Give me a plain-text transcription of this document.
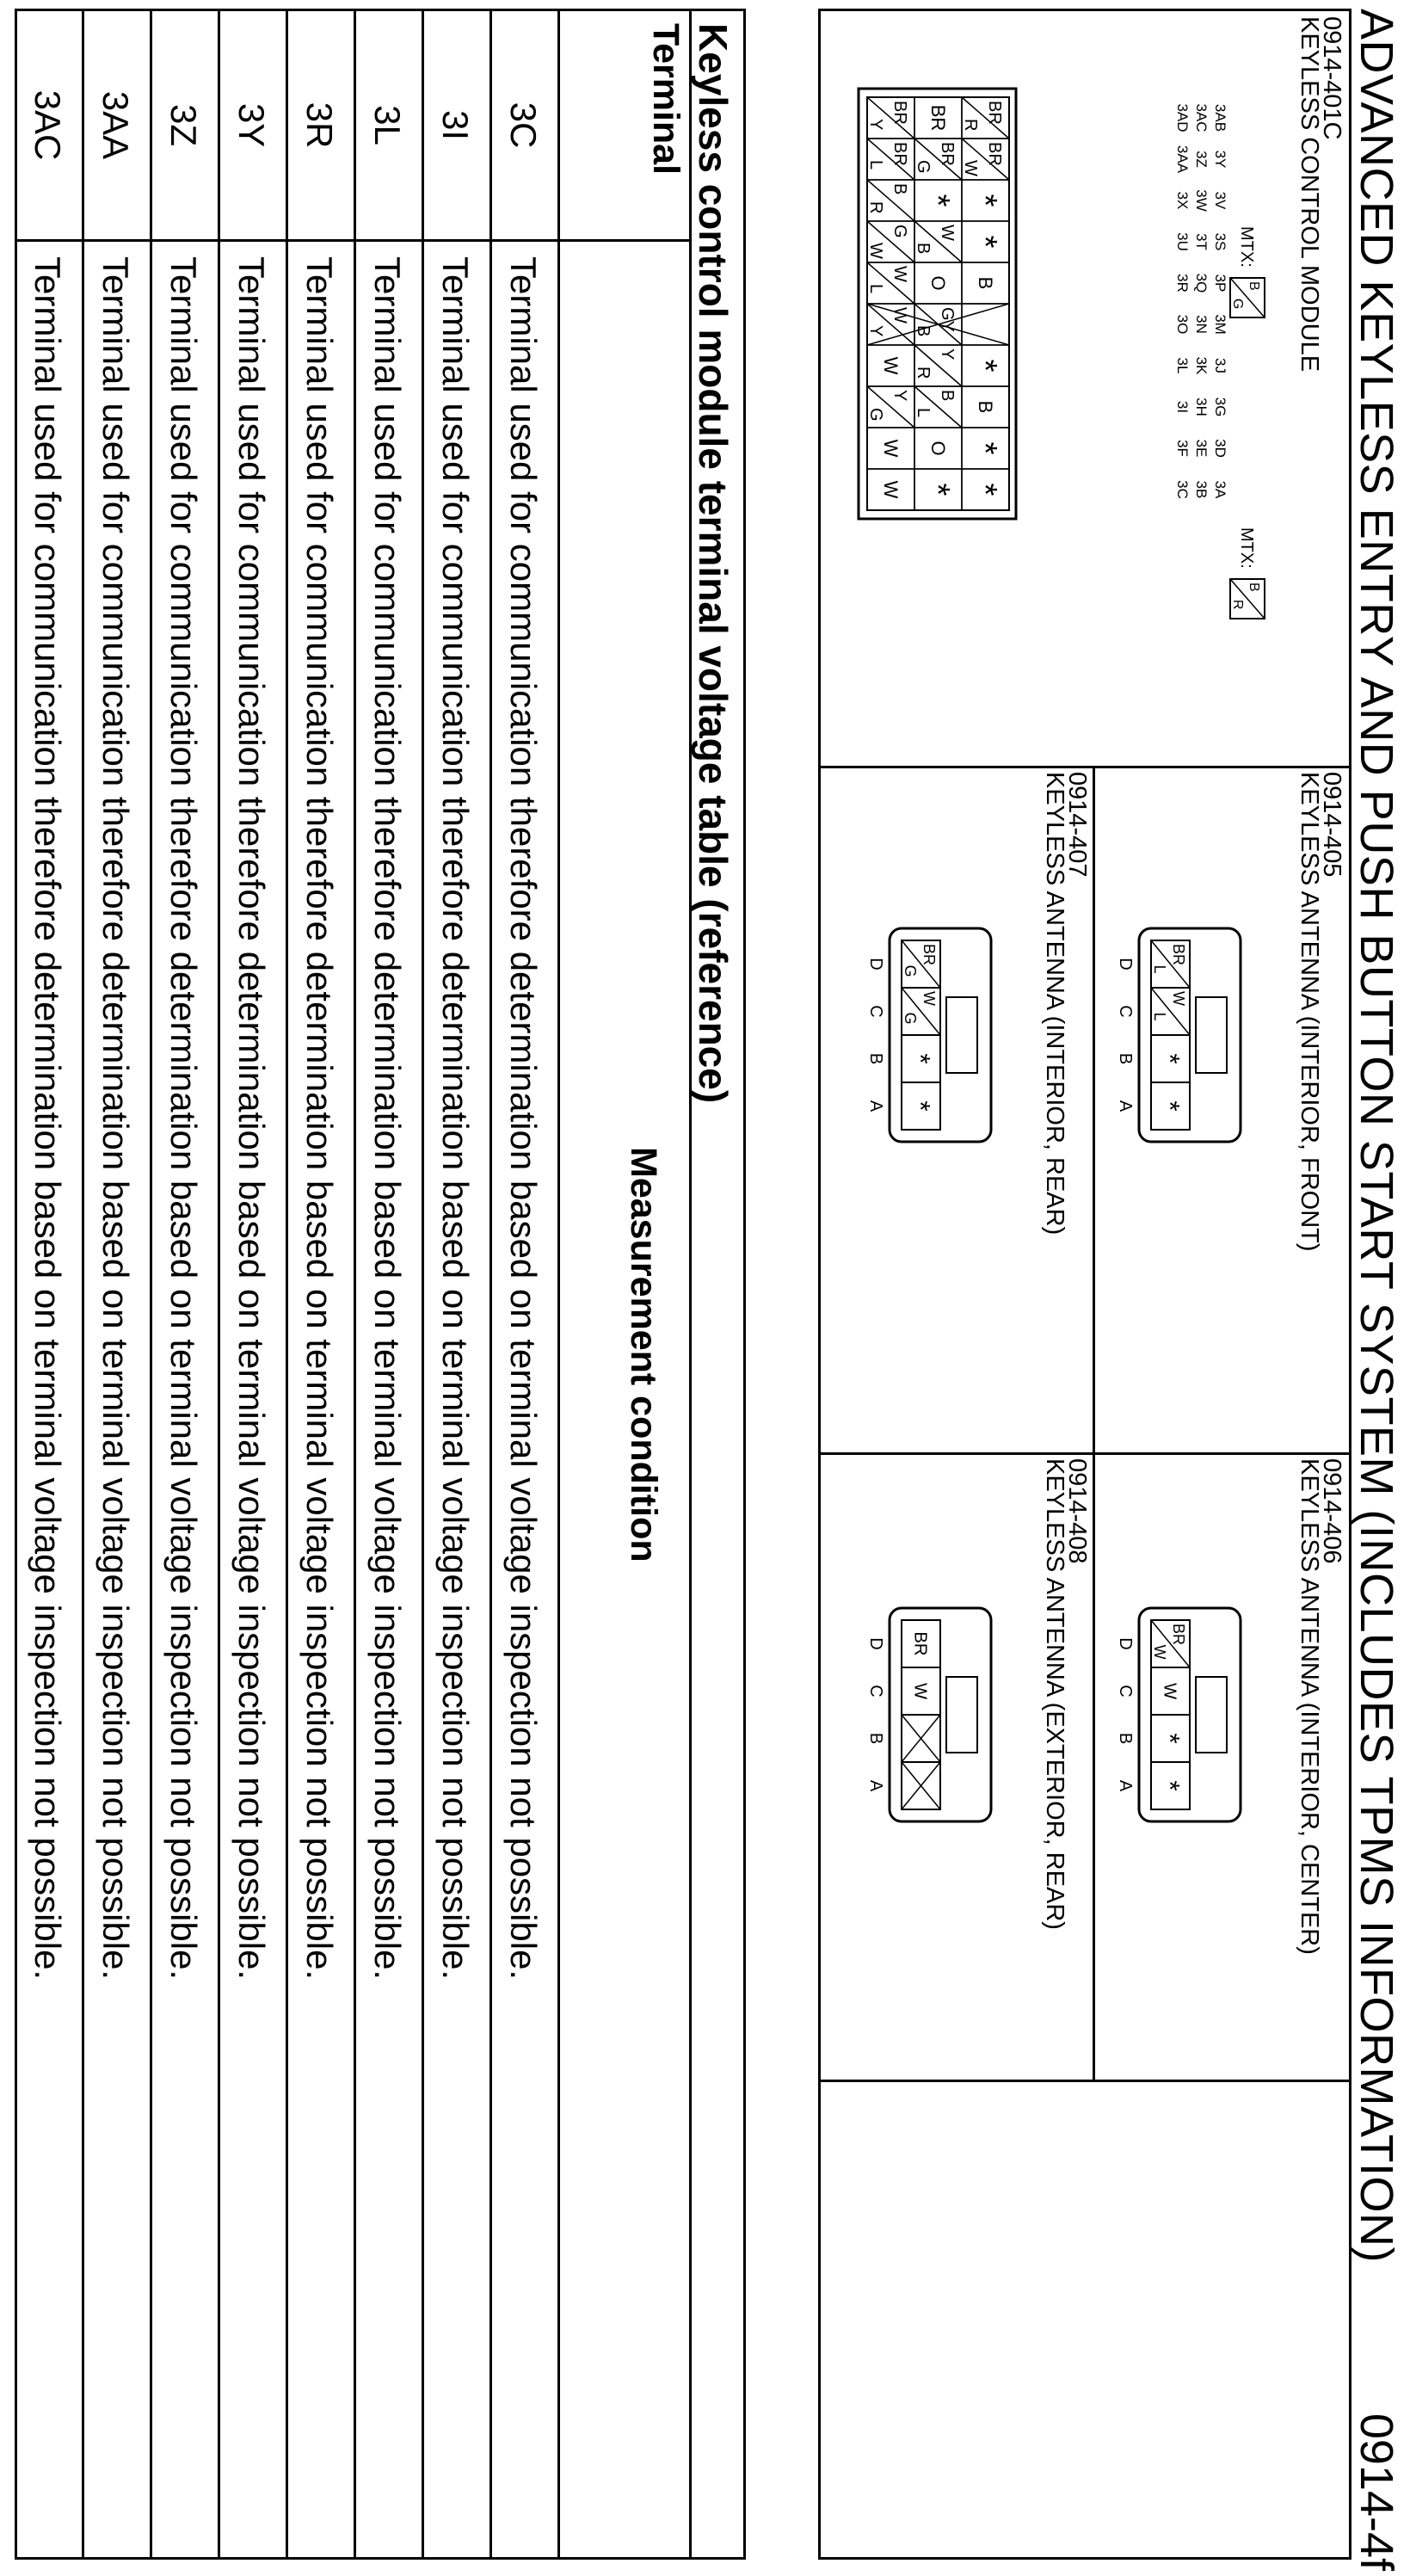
ADVANCED KEYLESS ENTRY AND PUSH BUTTON START SYSTEM (INCLUDES TPMS INFORMATION)
0914-4f
0914-401C
KEYLESS CONTROL MODULE
BR
R
BR
W
*
*
B
*
B
*
*
BR
BR
G
*
W
B
O
GY
B
Y
R
B
L
O
*
BR
Y
BR
L
B
R
G
W
W
L
W
Y
W
Y
G
W
W
3AB
3Y
3V
3S
3P
3M
3J
3G
3D
3A
3AC
3Z
3W
3T
3Q
3N
3K
3H
3E
3B
3AD
3AA
3X
3U
3R
3O
3L
3I
3F
3C
MTX:
B
G
MTX:
B
R
0914-405
KEYLESS ANTENNA (INTERIOR, FRONT)
BR
L
D
W
L
C
*
B
*
A
0914-406
KEYLESS ANTENNA (INTERIOR, CENTER)
BR
W
D
W
C
*
B
*
A
0914-407
KEYLESS ANTENNA (INTERIOR, REAR)
BR
G
D
W
G
C
*
B
*
A
0914-408
KEYLESS ANTENNA (EXTERIOR, REAR)
BR
D
W
C
B
A
Keyless control module terminal voltage table (reference)
Terminal
Measurement condition
3C
Terminal used for communication therefore determination based on terminal voltage inspection not possible.
3I
Terminal used for communication therefore determination based on terminal voltage inspection not possible.
3L
Terminal used for communication therefore determination based on terminal voltage inspection not possible.
3R
Terminal used for communication therefore determination based on terminal voltage inspection not possible.
3Y
Terminal used for communication therefore determination based on terminal voltage inspection not possible.
3Z
Terminal used for communication therefore determination based on terminal voltage inspection not possible.
3AA
Terminal used for communication therefore determination based on terminal voltage inspection not possible.
3AC
Terminal used for communication therefore determination based on terminal voltage inspection not possible.
